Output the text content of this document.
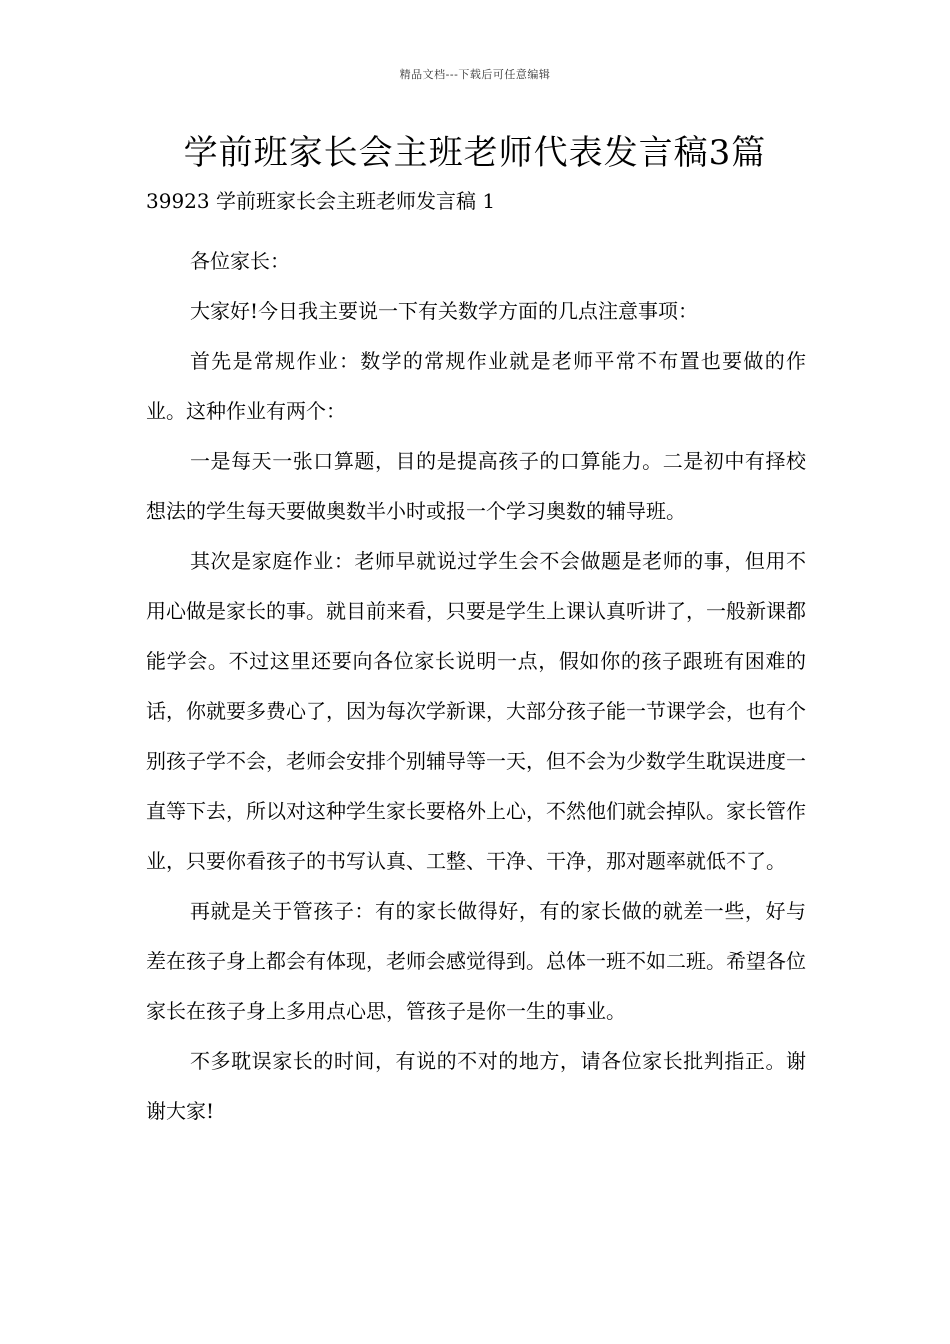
精品文档---下载后可任意编辑
学前班家长会主班老师代表发言稿3篇
39923 学前班家长会主班老师发言稿 1

各位家长：

大家好!今日我主要说一下有关数学方面的几点注意事项：

首先是常规作业：数学的常规作业就是老师平常不布置也要做的作业。这种作业有两个：

一是每天一张口算题，目的是提高孩子的口算能力。二是初中有择校想法的学生每天要做奥数半小时或报一个学习奥数的辅导班。

其次是家庭作业：老师早就说过学生会不会做题是老师的事，但用不用心做是家长的事。就目前来看，只要是学生上课认真听讲了，一般新课都能学会。不过这里还要向各位家长说明一点，假如你的孩子跟班有困难的话，你就要多费心了，因为每次学新课，大部分孩子能一节课学会，也有个别孩子学不会，老师会安排个别辅导等一天，但不会为少数学生耽误进度一直等下去，所以对这种学生家长要格外上心，不然他们就会掉队。家长管作业，只要你看孩子的书写认真、工整、干净、干净，那对题率就低不了。

再就是关于管孩子：有的家长做得好，有的家长做的就差一些，好与差在孩子身上都会有体现，老师会感觉得到。总体一班不如二班。希望各位家长在孩子身上多用点心思，管孩子是你一生的事业。

不多耽误家长的时间，有说的不对的地方，请各位家长批判指正。谢谢大家!
